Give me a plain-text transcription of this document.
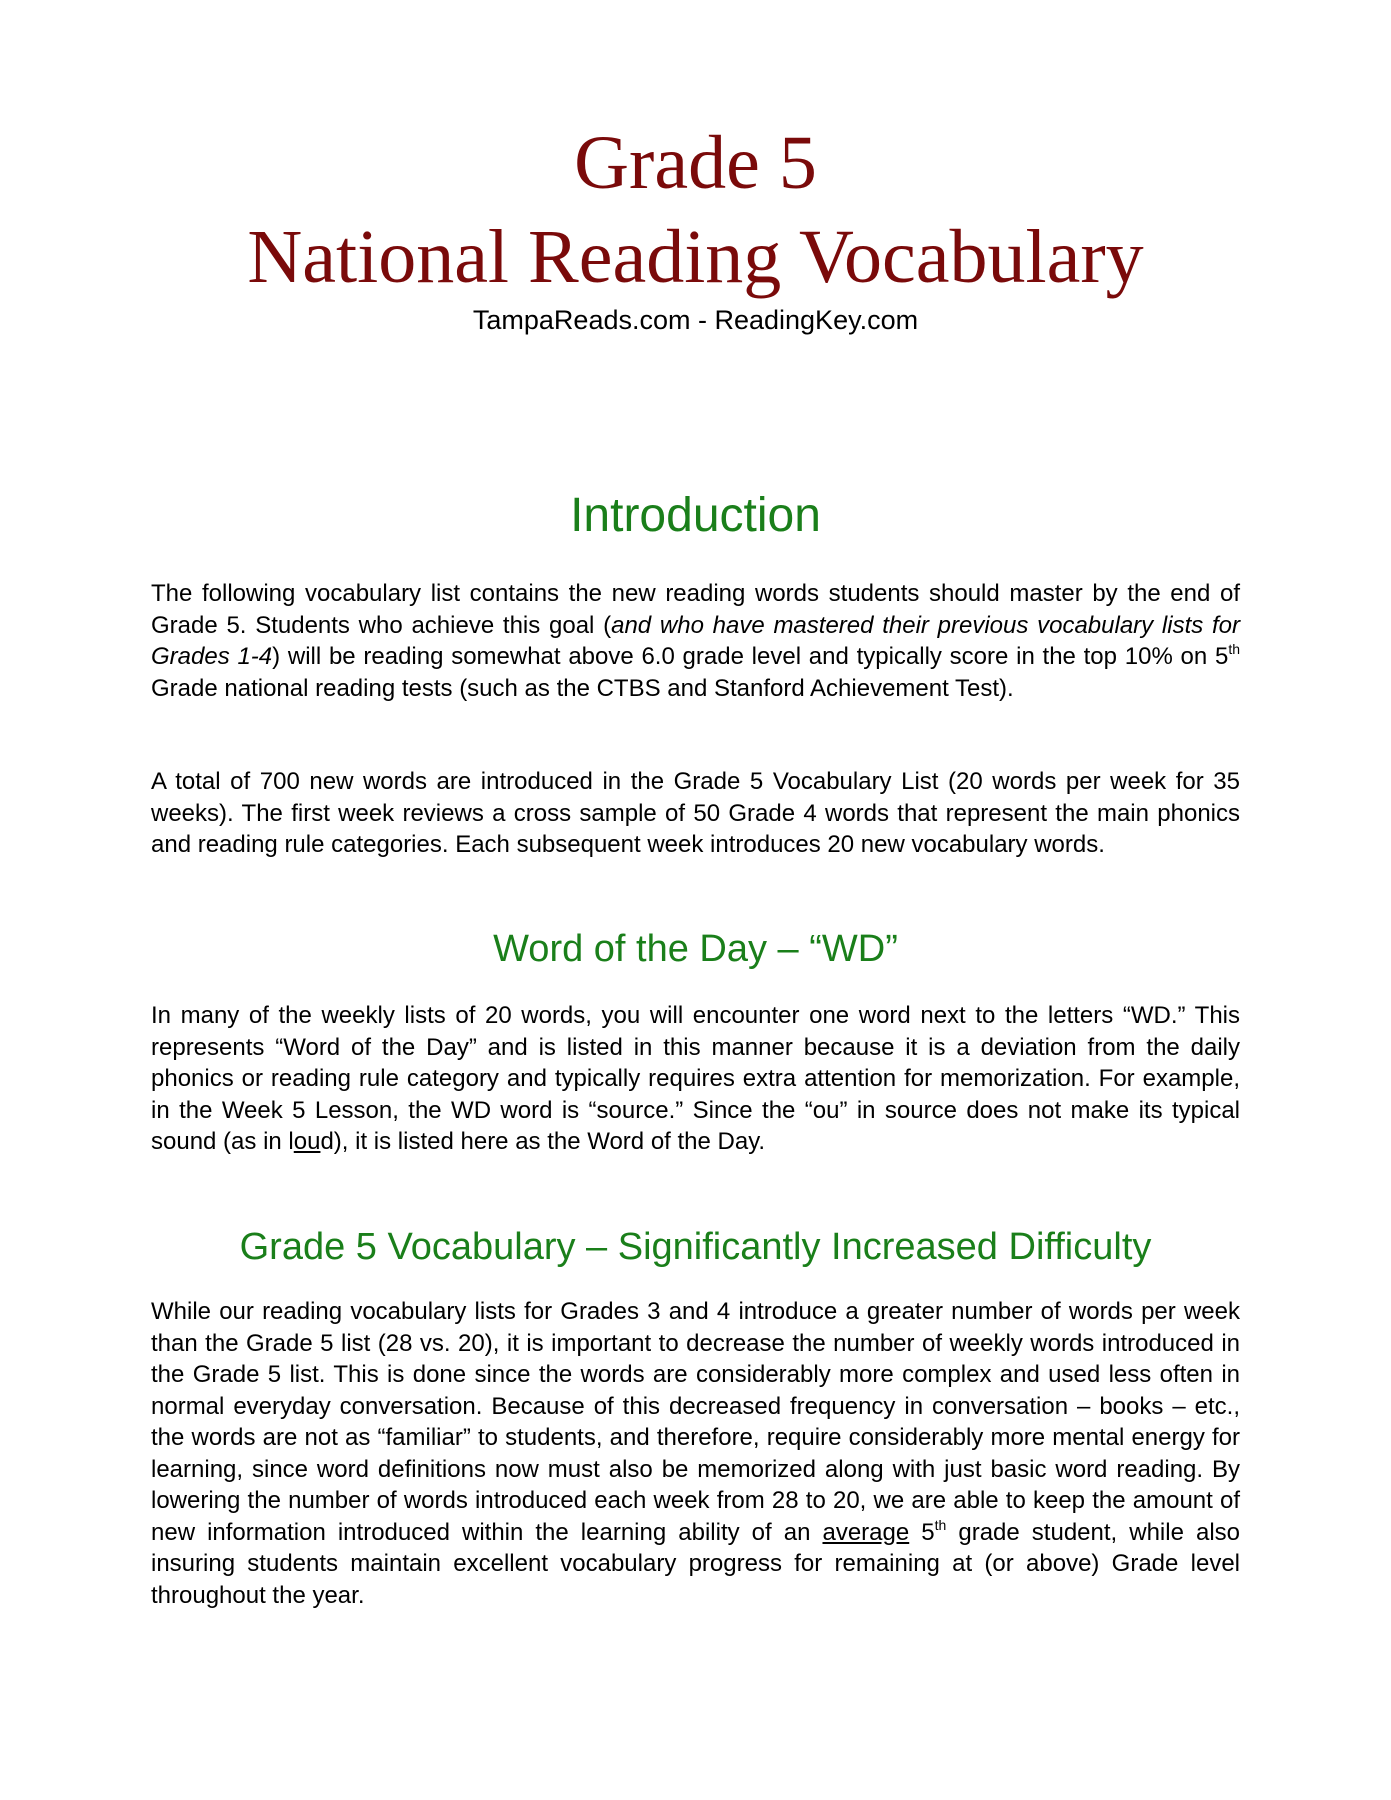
Grade 5
National Reading Vocabulary

TampaReads.com - ReadingKey.com

Introduction

The following vocabulary list contains the new reading words students should master by the end of Grade 5. Students who achieve this goal (and who have mastered their previous vocabulary lists for Grades 1-4) will be reading somewhat above 6.0 grade level and typically score in the top 10% on 5th Grade national reading tests (such as the CTBS and Stanford Achievement Test).

A total of 700 new words are introduced in the Grade 5 Vocabulary List (20 words per week for 35 weeks). The first week reviews a cross sample of 50 Grade 4 words that represent the main phonics and reading rule categories. Each subsequent week introduces 20 new vocabulary words.

Word of the Day – “WD”

In many of the weekly lists of 20 words, you will encounter one word next to the letters “WD.” This represents “Word of the Day” and is listed in this manner because it is a deviation from the daily phonics or reading rule category and typically requires extra attention for memorization. For example, in the Week 5 Lesson, the WD word is “source.” Since the “ou” in source does not make its typical sound (as in loud), it is listed here as the Word of the Day.

Grade 5 Vocabulary – Significantly Increased Difficulty

While our reading vocabulary lists for Grades 3 and 4 introduce a greater number of words per week than the Grade 5 list (28 vs. 20), it is important to decrease the number of weekly words introduced in the Grade 5 list. This is done since the words are considerably more complex and used less often in normal everyday conversation. Because of this decreased frequency in conversation – books – etc., the words are not as “familiar” to students, and therefore, require considerably more mental energy for learning, since word definitions now must also be memorized along with just basic word reading. By lowering the number of words introduced each week from 28 to 20, we are able to keep the amount of new information introduced within the learning ability of an average 5th grade student, while also insuring students maintain excellent vocabulary progress for remaining at (or above) Grade level throughout the year.
